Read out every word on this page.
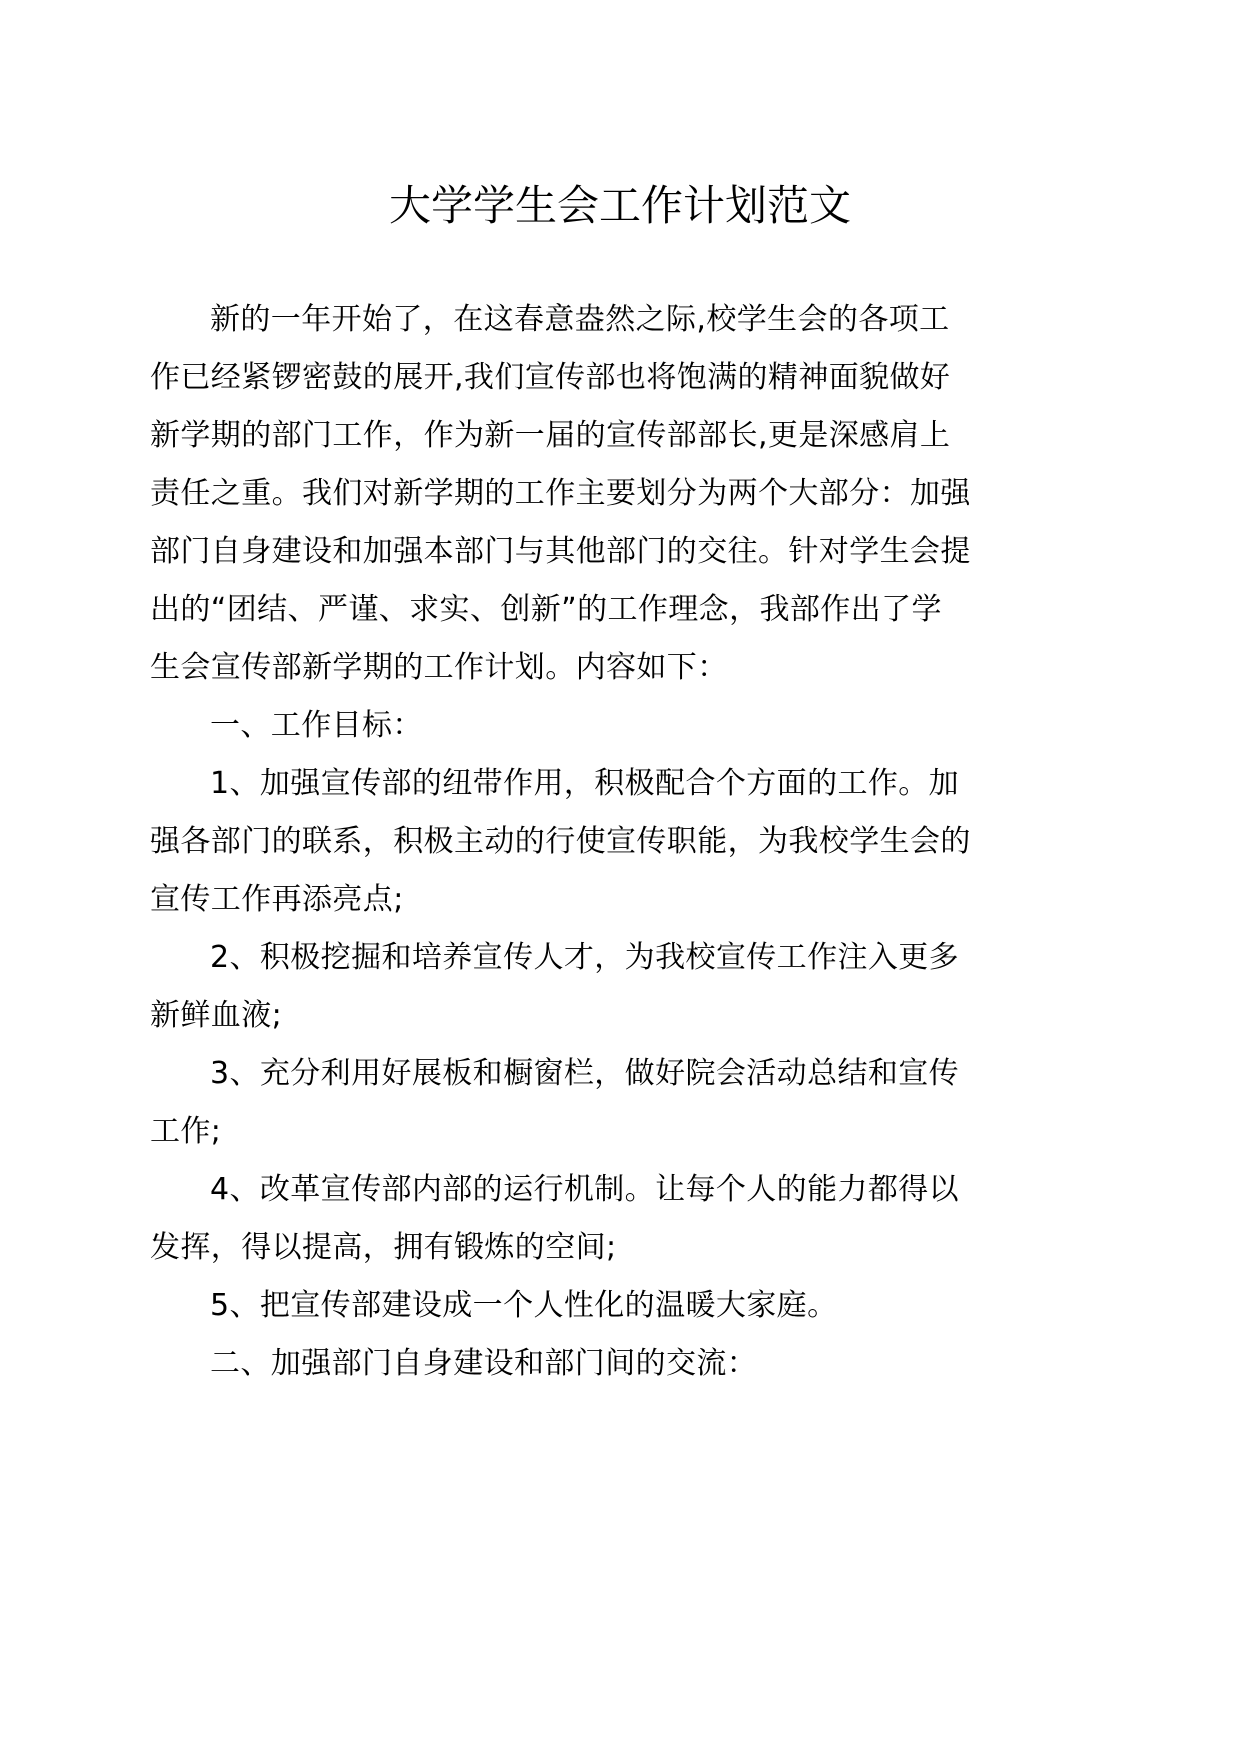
大学学生会工作计划范文

新的一年开始了，在这春意盎然之际,校学生会的各项工

作已经紧锣密鼓的展开,我们宣传部也将饱满的精神面貌做好

新学期的部门工作，作为新一届的宣传部部长,更是深感肩上

责任之重。我们对新学期的工作主要划分为两个大部分：加强

部门自身建设和加强本部门与其他部门的交往。针对学生会提

出的“团结、严谨、求实、创新”的工作理念，我部作出了学

生会宣传部新学期的工作计划。内容如下：

一、工作目标：

1、加强宣传部的纽带作用，积极配合个方面的工作。加

强各部门的联系，积极主动的行使宣传职能，为我校学生会的

宣传工作再添亮点;

2、积极挖掘和培养宣传人才，为我校宣传工作注入更多

新鲜血液;

3、充分利用好展板和橱窗栏，做好院会活动总结和宣传

工作;

4、改革宣传部内部的运行机制。让每个人的能力都得以

发挥，得以提高，拥有锻炼的空间;

5、把宣传部建设成一个人性化的温暖大家庭。

二、加强部门自身建设和部门间的交流：
